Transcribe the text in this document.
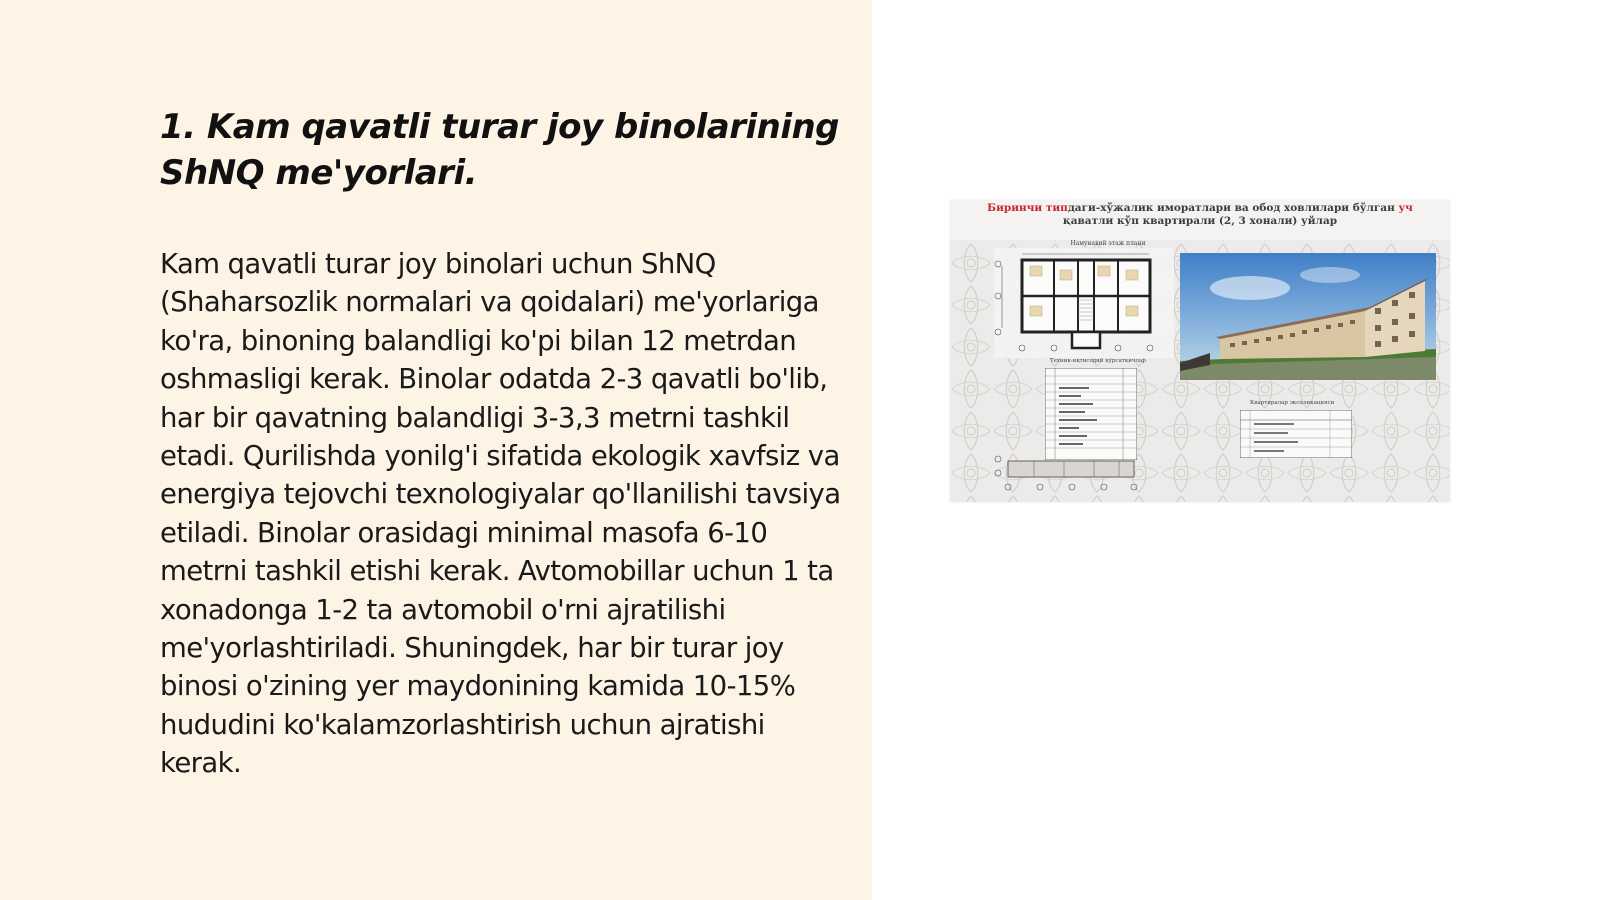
1. Kam qavatli turar joy binolarining ShNQ me'yorlari.

Kam qavatli turar joy binolari uchun ShNQ (Shaharsozlik normalari va qoidalari) me'yorlariga ko'ra, binoning balandligi ko'pi bilan 12 metrdan oshmasligi kerak. Binolar odatda 2-3 qavatli bo'lib, har bir qavatning balandligi 3-3,3 metrni tashkil etadi. Qurilishda yonilg'i sifatida ekologik xavfsiz va energiya tejovchi texnologiyalar qo'llanilishi tavsiya etiladi. Binolar orasidagi minimal masofa 6-10 metrni tashkil etishi kerak. Avtomobillar uchun 1 ta xonadonga 1-2 ta avtomobil o'rni ajratilishi me'yorlashtiriladi. Shuningdek, har bir turar joy binosi o'zining yer maydonining kamida 10-15% hududini ko'kalamzorlashtirish uchun ajratishi kerak.

Биринчи типдаги-хўжалик иморатлари ва обод ховлилари бўлган уч
қаватли кўп квартирали (2, 3 хонали) уйлар
Намунавий этаж плани
Техник-иқтисодий кўрсаткичлар
Квартиралар экспликацияси
